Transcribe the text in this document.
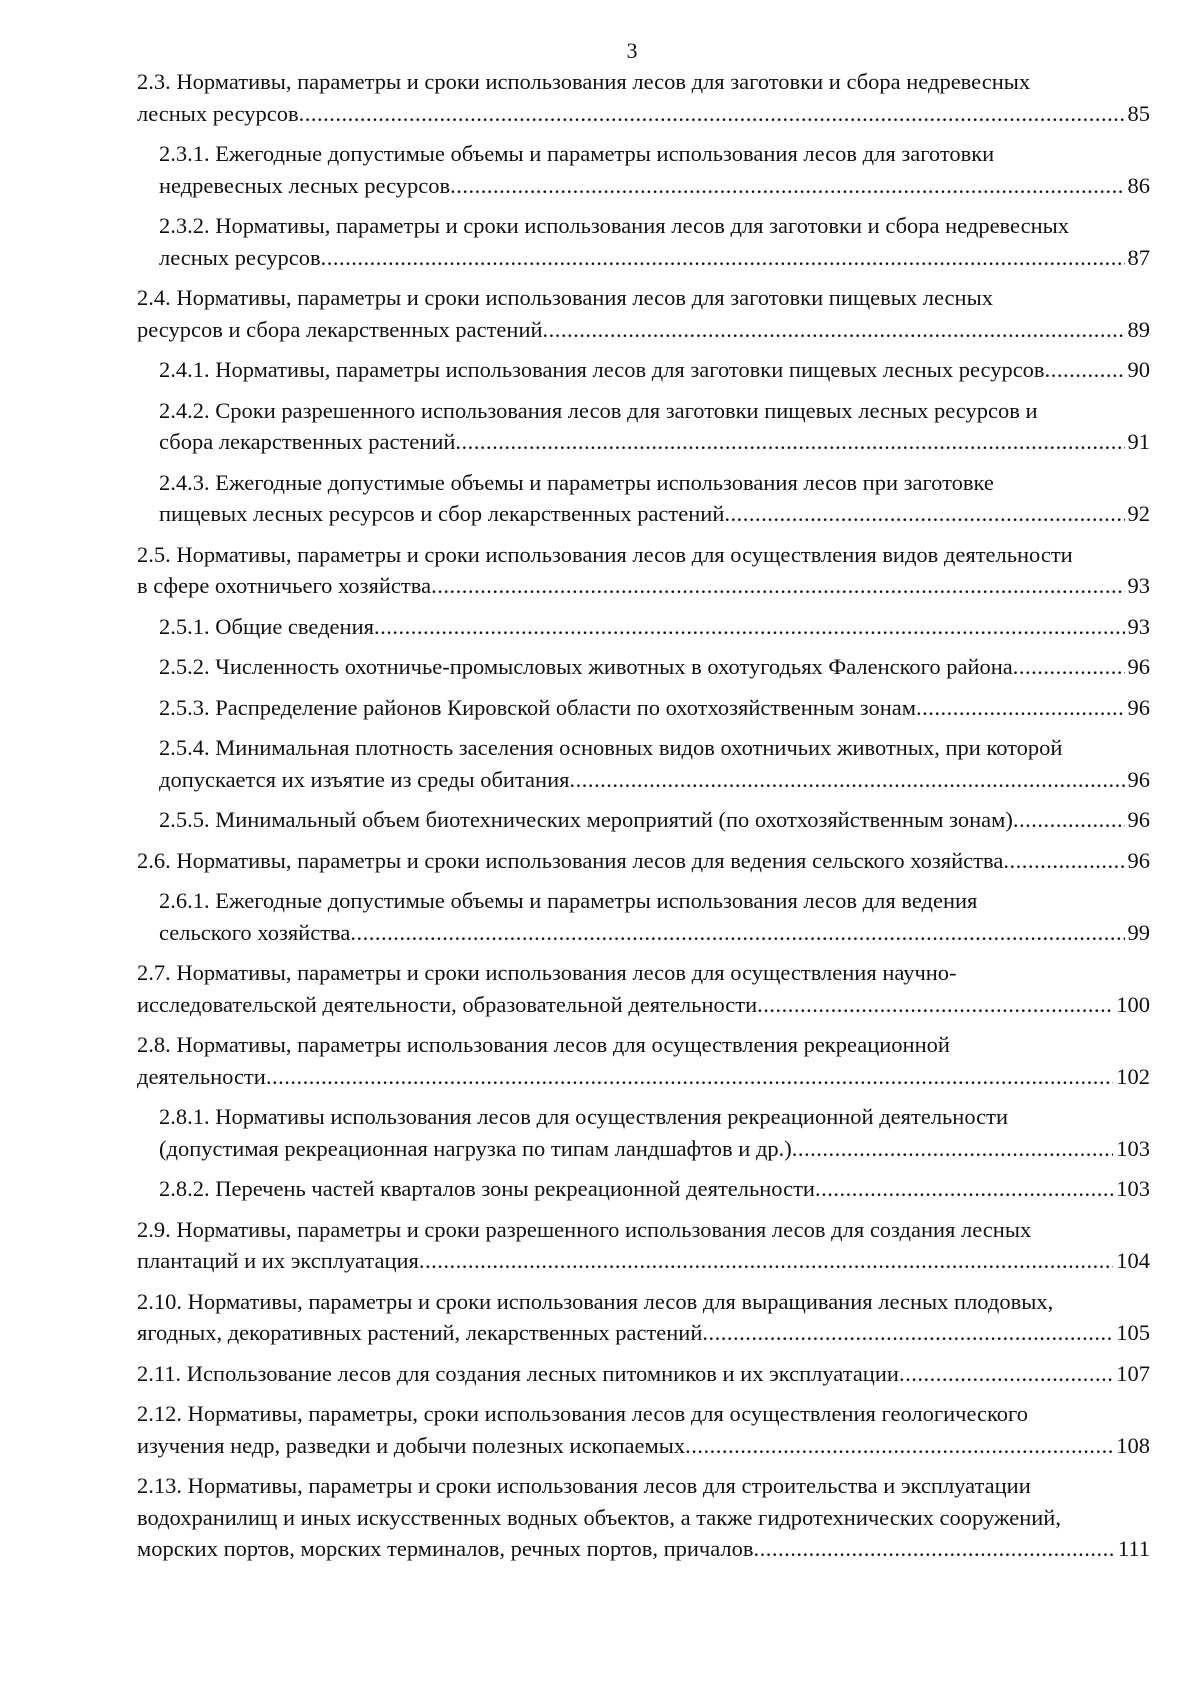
3
2.3. Нормативы, параметры и сроки использования лесов для заготовки и сбора недревесных
лесных ресурсов .....	85
2.3.1. Ежегодные допустимые объемы и параметры использования лесов для заготовки
недревесных лесных ресурсов .....	86
2.3.2. Нормативы, параметры и сроки использования лесов для заготовки и сбора недревесных
лесных ресурсов .....	87
2.4. Нормативы, параметры и сроки использования лесов для заготовки пищевых лесных
ресурсов и сбора лекарственных растений .....	89
2.4.1. Нормативы, параметры использования лесов для заготовки пищевых лесных ресурсов .....	90
2.4.2. Сроки разрешенного использования лесов для заготовки пищевых лесных ресурсов и
сбора лекарственных растений .....	91
2.4.3. Ежегодные допустимые объемы и параметры использования лесов при заготовке
пищевых лесных ресурсов и сбор лекарственных растений .....	92
2.5. Нормативы, параметры и сроки использования лесов для осуществления видов деятельности
в сфере охотничьего хозяйства .....	93
2.5.1. Общие сведения .....	93
2.5.2. Численность охотничье-промысловых животных в охотугодьях Фаленского района .....	96
2.5.3. Распределение районов Кировской области по охотхозяйственным зонам .....	96
2.5.4. Минимальная плотность заселения основных видов охотничьих животных, при которой
допускается их изъятие из среды обитания .....	96
2.5.5. Минимальный объем биотехнических мероприятий (по охотхозяйственным зонам) .....	96
2.6. Нормативы, параметры и сроки использования лесов для ведения сельского хозяйства .....	96
2.6.1. Ежегодные допустимые объемы и параметры использования лесов для ведения
сельского хозяйства .....	99
2.7. Нормативы, параметры и сроки использования лесов для осуществления научно-
исследовательской деятельности, образовательной деятельности .....	100
2.8. Нормативы, параметры использования лесов для осуществления рекреационной
деятельности .....	102
2.8.1. Нормативы использования лесов для осуществления рекреационной деятельности
(допустимая рекреационная нагрузка по типам ландшафтов и др.) .....	103
2.8.2. Перечень частей кварталов зоны рекреационной деятельности .....	103
2.9. Нормативы, параметры и сроки разрешенного использования лесов для создания лесных
плантаций и их эксплуатация .....	104
2.10. Нормативы, параметры и сроки использования лесов для выращивания лесных плодовых,
ягодных, декоративных растений, лекарственных растений .....	105
2.11. Использование лесов для создания лесных питомников и их эксплуатации .....	107
2.12. Нормативы, параметры, сроки использования лесов для осуществления геологического
изучения недр, разведки и добычи полезных ископаемых .....	108
2.13. Нормативы, параметры и сроки использования лесов для строительства и эксплуатации
водохранилищ и иных искусственных водных объектов, а также гидротехнических сооружений,
морских портов, морских терминалов, речных портов, причалов .....	111
